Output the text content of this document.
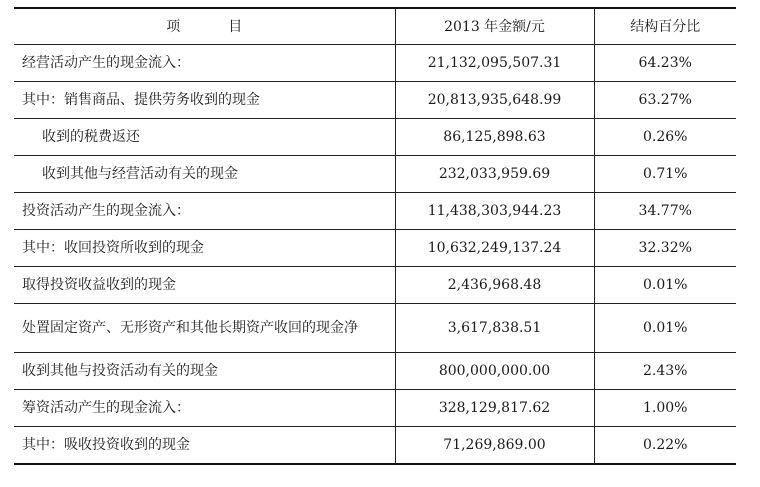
项 目	2013 年金额/元	结构百分比
经营活动产生的现金流入：	21,132,095,507.31	64.23%
其中：销售商品、提供劳务收到的现金	20,813,935,648.99	63.27%
收到的税费返还	86,125,898.63	0.26%
收到其他与经营活动有关的现金	232,033,959.69	0.71%
投资活动产生的现金流入：	11,438,303,944.23	34.77%
其中：收回投资所收到的现金	10,632,249,137.24	32.32%
取得投资收益收到的现金	2,436,968.48	0.01%
处置固定资产、无形资产和其他长期资产收回的现金净	3,617,838.51	0.01%
收到其他与投资活动有关的现金	800,000,000.00	2.43%
筹资活动产生的现金流入：	328,129,817.62	1.00%
其中：吸收投资收到的现金	71,269,869.00	0.22%
